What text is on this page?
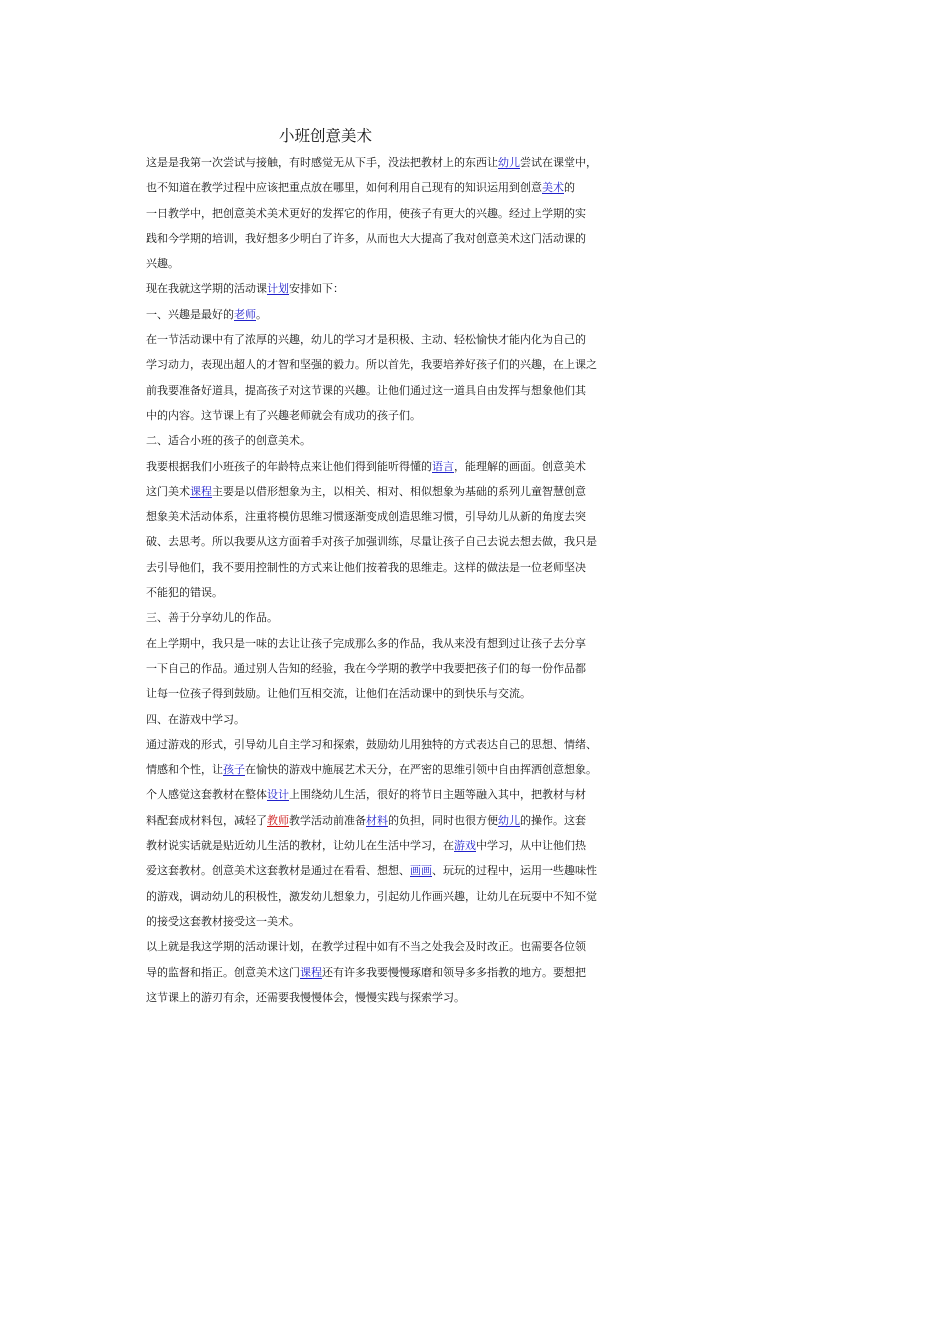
小班创意美术

这是是我第一次尝试与接触，有时感觉无从下手，没法把教材上的东西让幼儿尝试在课堂中，

也不知道在教学过程中应该把重点放在哪里，如何利用自己现有的知识运用到创意美术的

一日教学中，把创意美术美术更好的发挥它的作用，使孩子有更大的兴趣。经过上学期的实

践和今学期的培训，我好想多少明白了许多，从而也大大提高了我对创意美术这门活动课的

兴趣。

现在我就这学期的活动课计划安排如下：

一、兴趣是最好的老师。

在一节活动课中有了浓厚的兴趣，幼儿的学习才是积极、主动、轻松愉快才能内化为自己的

学习动力，表现出超人的才智和坚强的毅力。所以首先，我要培养好孩子们的兴趣，在上课之

前我要准备好道具，提高孩子对这节课的兴趣。让他们通过这一道具自由发挥与想象他们其

中的内容。这节课上有了兴趣老师就会有成功的孩子们。

二、适合小班的孩子的创意美术。

我要根据我们小班孩子的年龄特点来让他们得到能听得懂的语言，能理解的画面。创意美术

这门美术课程主要是以借形想象为主，以相关、相对、相似想象为基础的系列儿童智慧创意

想象美术活动体系，注重将模仿思维习惯逐渐变成创造思维习惯，引导幼儿从新的角度去突

破、去思考。所以我要从这方面着手对孩子加强训练，尽量让孩子自己去说去想去做，我只是

去引导他们，我不要用控制性的方式来让他们按着我的思维走。这样的做法是一位老师坚决

不能犯的错误。

三、善于分享幼儿的作品。

在上学期中，我只是一味的去让让孩子完成那么多的作品，我从来没有想到过让孩子去分享

一下自己的作品。通过别人告知的经验，我在今学期的教学中我要把孩子们的每一份作品都

让每一位孩子得到鼓励。让他们互相交流，让他们在活动课中的到快乐与交流。

四、在游戏中学习。

通过游戏的形式，引导幼儿自主学习和探索，鼓励幼儿用独特的方式表达自己的思想、情绪、

情感和个性，让孩子在愉快的游戏中施展艺术天分，在严密的思维引领中自由挥洒创意想象。

个人感觉这套教材在整体设计上围绕幼儿生活，很好的将节日主题等融入其中，把教材与材

料配套成材料包，减轻了教师教学活动前准备材料的负担，同时也很方便幼儿的操作。这套

教材说实话就是贴近幼儿生活的教材，让幼儿在生活中学习，在游戏中学习，从中让他们热

爱这套教材。创意美术这套教材是通过在看看、想想、画画、玩玩的过程中，运用一些趣味性

的游戏，调动幼儿的积极性，激发幼儿想象力，引起幼儿作画兴趣，让幼儿在玩耍中不知不觉

的接受这套教材接受这一美术。

以上就是我这学期的活动课计划，在教学过程中如有不当之处我会及时改正。也需要各位领

导的监督和指正。创意美术这门课程还有许多我要慢慢琢磨和领导多多指教的地方。要想把

这节课上的游刃有余，还需要我慢慢体会，慢慢实践与探索学习。
